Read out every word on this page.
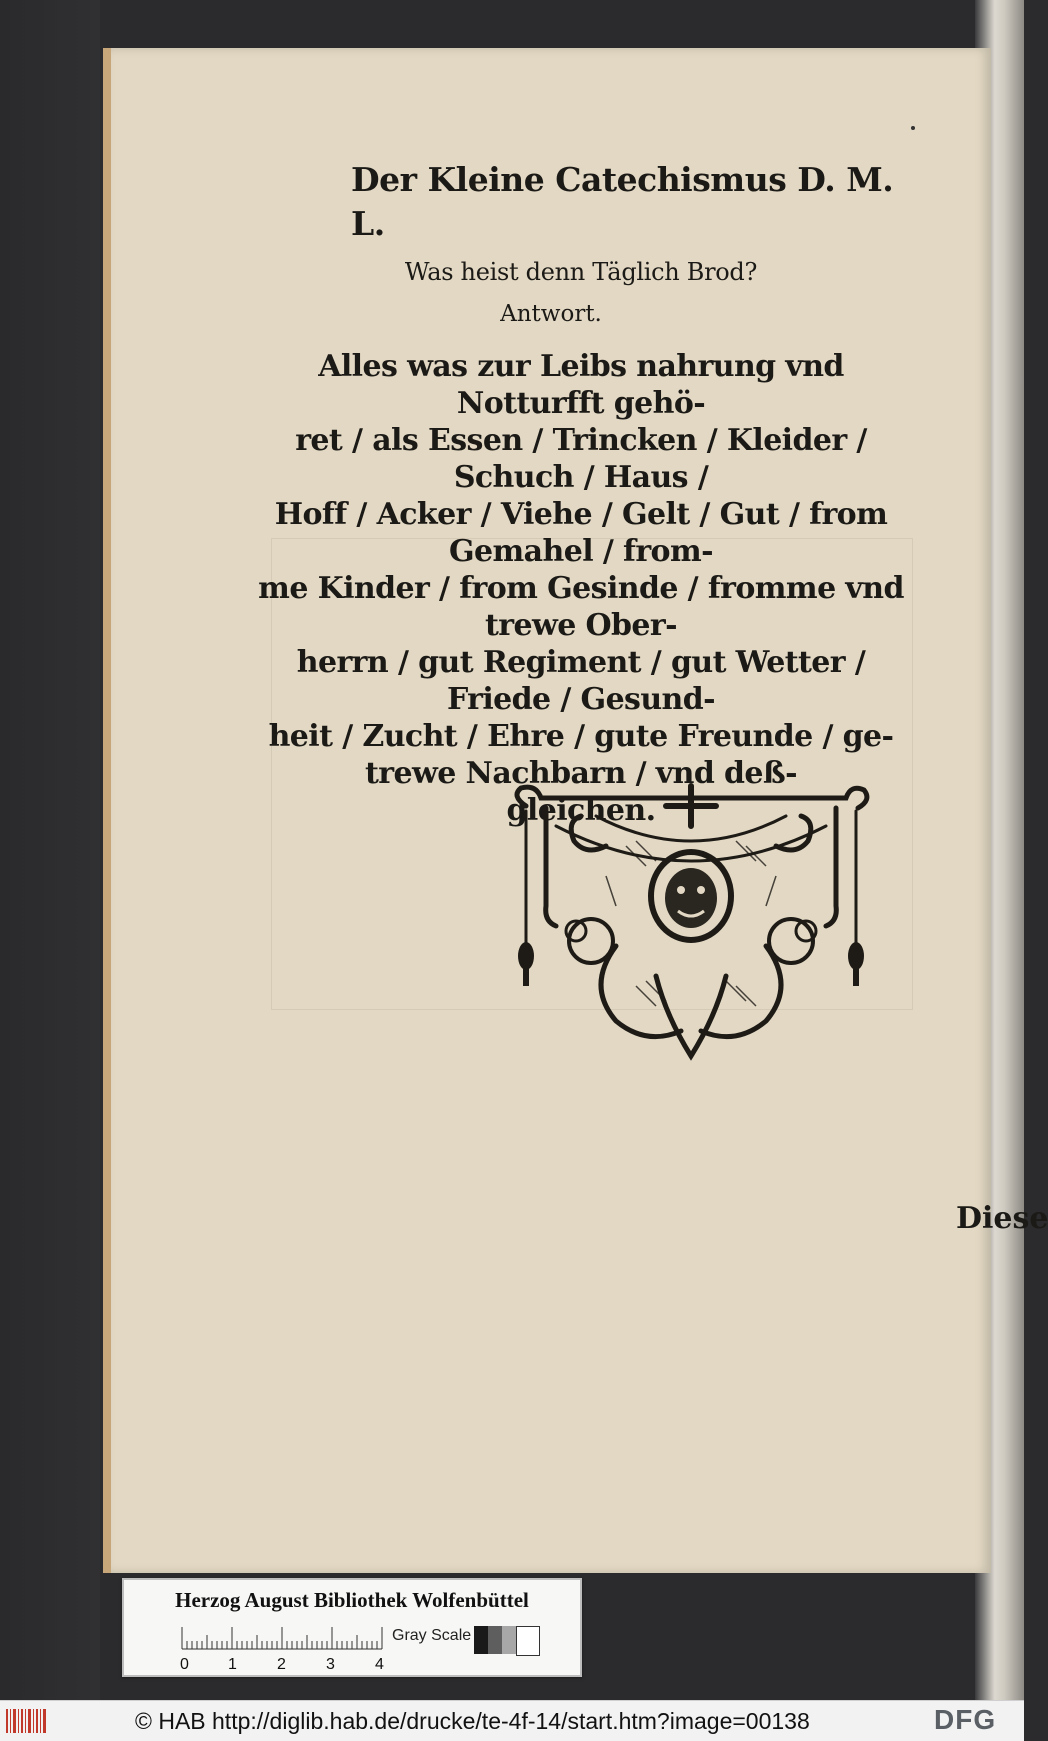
Der Kleine Catechismus D. M. L.
Was heist denn Täglich Brod?
Antwort.
Alles was zur Leibs nahrung vnd Notturfft gehö-
ret / als Essen / Trincken / Kleider / Schuch / Haus /
Hoff / Acker / Viehe / Gelt / Gut / from Gemahel / from-
me Kinder / from Gesinde / fromme vnd trewe Ober-
herrn / gut Regiment / gut Wetter / Friede / Gesund-
heit / Zucht / Ehre / gute Freunde / ge-
trewe Nachbarn / vnd deß-
gleichen.
Diese
Herzog August Bibliothek Wolfenbüttel
Gray Scale
0 1	2	3	4
© HAB http://diglib.hab.de/drucke/te-4f-14/start.htm?image=00138	DFG
